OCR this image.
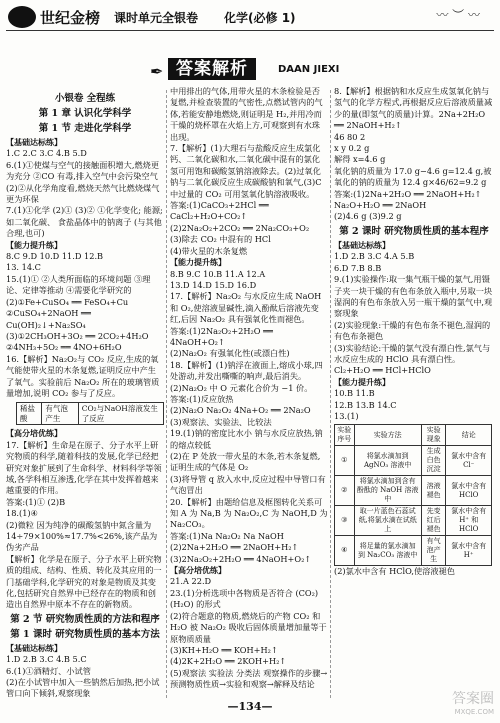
世纪金榜 课时单元全银卷 化学(必修 1)	〰 ︶ 〰
✒ 答案解析	DAAN JIEXI
小银卷 全程练
第 1 章 认识化学科学
第 1 节 走进化学科学

【基础达标练】

1.C 2.C 3.C 4.B 5.D

6.(1)①使煤与空气的接触面积增大,燃烧更为充分 ②CO 有毒,排入空气中会污染空气 (2)②从化学角度看,燃烧天然气比燃烧煤气更为环保

7.(1)①化学 (2)① (3)② ①化学变化; 能源;如二氧化碳、 食盐晶体中的钠离子 (与其他合理,也可)

【能力提升练】

8.C 9.D 10.D 11.D 12.B

13. 14.C

15.(1)① ②人类所面临的环境问题 ③理论、定律等推动 ④需要化学研究的

(2)①Fe+CuSO₄ ══ FeSO₄+Cu

②CuSO₄+2NaOH ══ Cu(OH)₂↓+Na₂SO₄

(3)①2CH₃OH+3O₂ ══ 2CO₂+4H₂O ②4NH₃+5O₂ ══ 4NO+6H₂O

16.【解析】Na₂O₂与 CO₂ 反应,生成的氧气能使带火星的木条复燃,证明反应中产生了氧气。实验前后 Na₂O₂ 所在的玻璃管质量增加,说明 CO₂ 参与了反应。

稀盐酸	有气泡产生	CO₂与NaOH溶液发生了反应

【高分培优练】

17.【解析】生命是在原子、分子水平上研究物质的科学,随着科技的发展,化学已经把研究对象扩展到了生命科学、材料科学等领域,各学科相互渗透,化学在其中发挥着越来越重要的作用。

答案:(1)① (2)B

18.(1)④

(2)微粒 因为纯净的碳酸氢钠中氮含量为 14÷79×100%≈17.7%<26%,该产品为伪劣产品

【解析】化学是在原子、分子水平上研究物质的组成、结构、性质、转化及其应用的一门基础学科,化学研究的对象是物质及其变化,包括研究自然界中已经存在的物质和创造出自然界中原本不存在的新物质。

第 2 节 研究物质性质的方法和程序
第 1 课时 研究物质性质的基本方法

【基础达标练】

1.D 2.B 3.C 4.B 5.C

6.(1)①酒精灯、小试管

(2)在小试管中加入一些钠然后加热,把小试管口向下倾斜,观察现象

中用排出的气体,用带火星的木条检验是否复燃,并检查装置的气密性,点燃试管内的气体,若能安静地燃烧,则证明是 H₂,并用冷而干燥的烧杯罩在火焰上方,可观察到有水珠出现。

7.【解析】(1)大理石与盐酸反应生成氯化钙、二氧化碳和水,二氧化碳中混有的氯化氢可用饱和碳酸氢钠溶液除去。(2)过氧化钠与二氧化碳反应生成碳酸钠和氧气,(3)C中过量的 CO₂ 可用氢氧化钠溶液吸收。

答案:(1)CaCO₃+2HCl ══ CaCl₂+H₂O+CO₂↑

(2)2Na₂O₂+2CO₂ ══ 2Na₂CO₃+O₂

(3)除去 CO₂ 中混有的 HCl

(4)带火星的木条复燃

【能力提升练】

8.B 9.C 10.B 11.A 12.A

13.D 14.D 15.D 16.D

17.【解析】Na₂O₂ 与水反应生成 NaOH 和 O₂,使溶液显碱性,滴入酚酞后溶液先变红,后因 Na₂O₂ 具有强氧化性而褪色。

答案:(1)2Na₂O₂+2H₂O ══ 4NaOH+O₂↑

(2)Na₂O₂ 有强氧化性(或漂白性)

18.【解析】(1)钠浮在液面上,熔成小球,四处游动,并发出嘶嘶的响声,最后消失。(2)Na₂O₂ 中 O 元素化合价为 −1 价。

答案:(1)反应放热

(2)Na₂O Na₂O₂ 4Na+O₂ ══ 2Na₂O

(3)观察法、实验法、比较法

19.(1)钠的密度比水小 钠与水反应放热,钠的熔点较低

(2)在 P 处放一带火星的木条,若木条复燃,证明生成的气体是 O₂

(3)将导管 q 放入水中,反应过程中导管口有气泡冒出

20.【解析】由题给信息及框图转化关系可知 A 为 Na,B 为 Na₂O₂,C 为 NaOH,D 为 Na₂CO₃。

答案:(1)Na Na₂O₂ Na NaOH

(2)2Na+2H₂O ══ 2NaOH+H₂↑

(3)2Na₂O₂+2H₂O ══ 4NaOH+O₂↑

【高分培优练】

21.A 22.D

23.(1)分析选项中各物质是否符合 (CO₂)(H₂O) 的形式

(2)符合题意的物质,燃烧后的产物 CO₂ 和 H₂O 被 Na₂O₂ 吸收后固体质量增加量等于原物质质量

(3)KH+H₂O ══ KOH+H₂↑

(4)2K+2H₂O ══ 2KOH+H₂↑

(5)观察法 实验法 分类法 观察操作的步骤→预测物质性质→实验和观察→解释及结论

8.【解析】根据钠和水反应生成氢氧化钠与氢气的化学方程式,再根据反应后溶液质量减少的量(即氢气的质量)计算。2Na+2H₂O ══ 2NaOH+H₂↑

46 80 2

x y 0.2 g

解得 x=4.6 g

氧化钠的质量为 17.0 g−4.6 g=12.4 g,被氧化的钠的质量为 12.4 g×46/62=9.2 g

答案:(1)2Na+2H₂O ══ 2NaOH+H₂↑ Na₂O+H₂O ══ 2NaOH

(2)4.6 g (3)9.2 g

第 2 课时 研究物质性质的基本程序

【基础达标练】

1.D 2.B 3.C 4.A 5.B

6.D 7.B 8.B

9.(1)实验操作:取一集气瓶干燥的氯气,用镊子夹一块干燥的有色布条放入瓶中,另取一块湿润的有色布条放入另一瓶干燥的氯气中,观察现象

(2)实验现象:干燥的有色布条不褪色,湿润的有色布条褪色

(3)实验结论:干燥的氯气没有漂白性,氯气与水反应生成的 HClO 具有漂白性。Cl₂+H₂O ══ HCl+HClO

【能力提升练】

10.B 11.B

12.B 13.B 14.C

13.(1)

实验序号	实验方法	实验现象	结论
①	将氯水滴加到 AgNO₃ 溶液中	生成白色沉淀	氯水中含有 Cl⁻
②	将氯水滴加到含有酚酞的 NaOH 溶液中	溶液褪色	氯水中含有 HClO
③	取一片蓝色石蕊试纸,将氯水滴在试纸上	先变红后褪色	氯水中含有 H⁺ 和 HClO
④	将足量的氯水滴加到 Na₂CO₃ 溶液中	有气泡产生	氯水中含有 H⁺

(2)氯水中含有 HClO,使溶液褪色

—134—	答案圈
MXQE.COM
